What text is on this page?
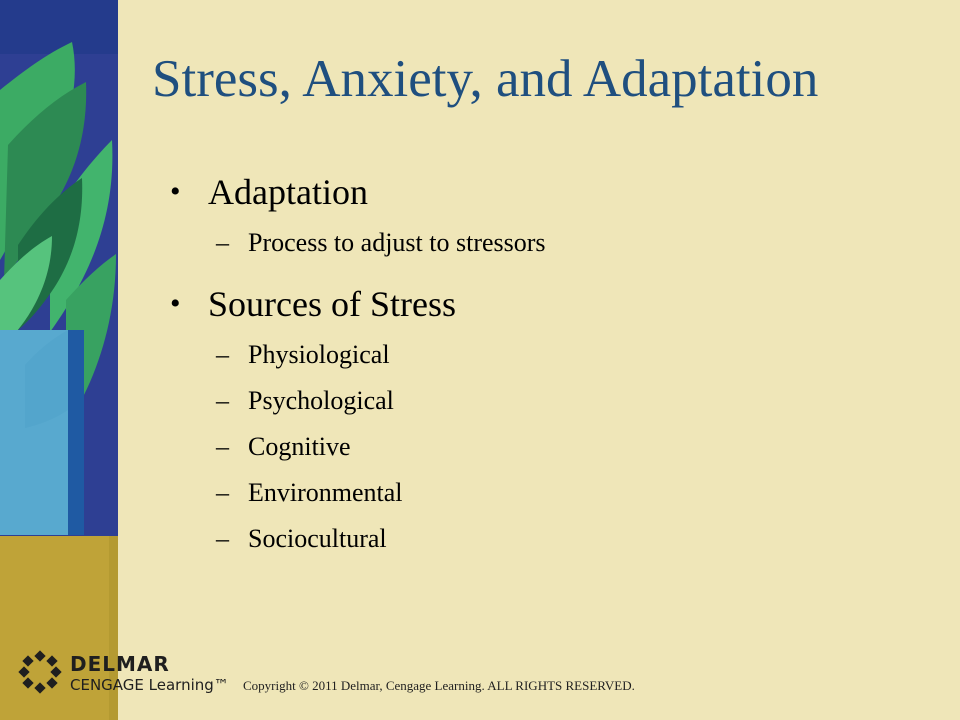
Stress, Anxiety, and Adaptation
• Adaptation
– Process to adjust to stressors
• Sources of Stress
– Physiological
– Psychological
– Cognitive
– Environmental
– Sociocultural
DELMAR
CENGAGE Learning™ Copyright © 2011 Delmar, Cengage Learning. ALL RIGHTS RESERVED.
